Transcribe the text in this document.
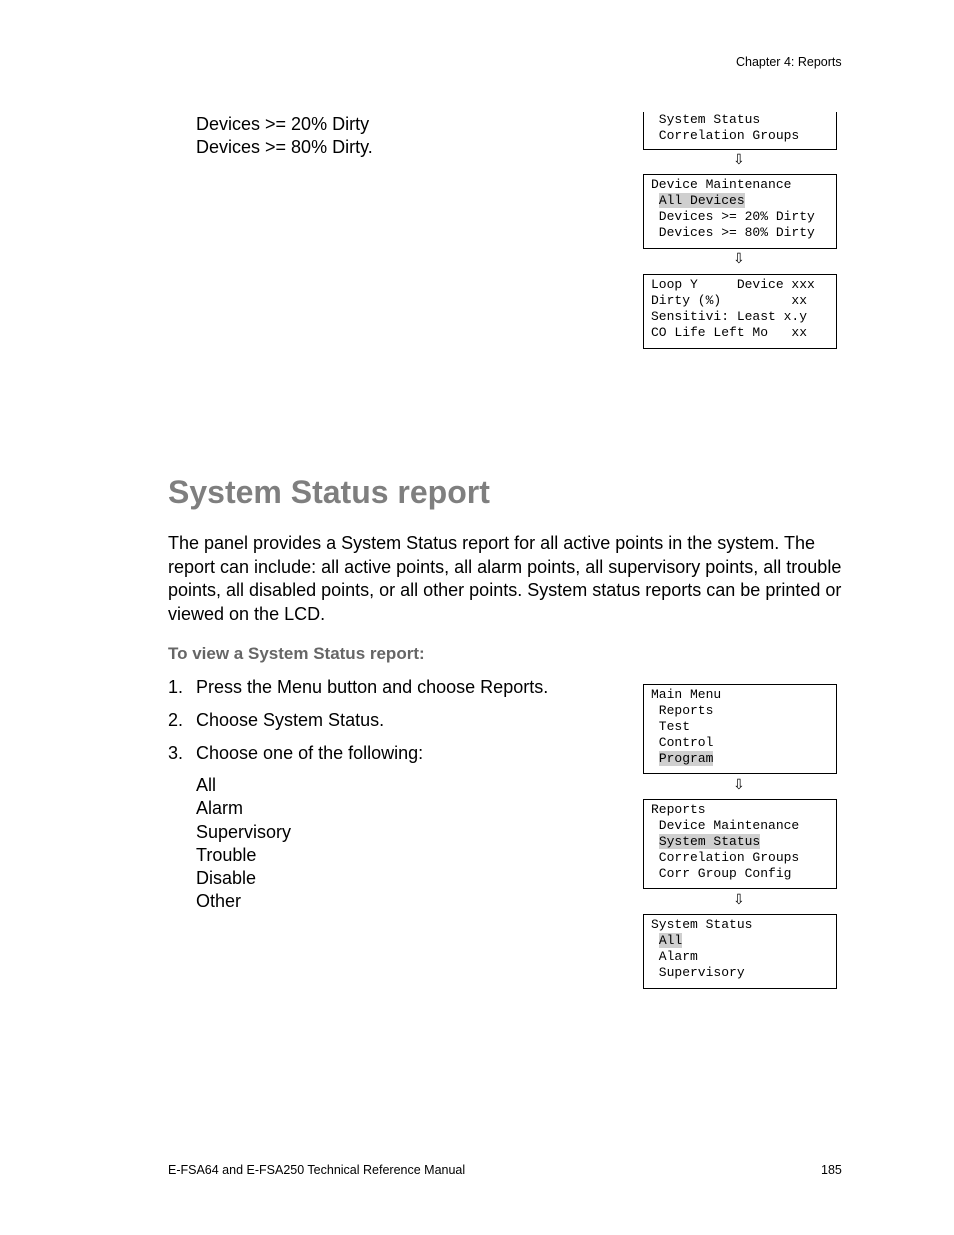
Chapter 4: Reports
Devices >= 20% Dirty
Devices >= 80% Dirty.
System Status
Correlation Groups
⇩
Device Maintenance
All Devices
Devices >= 20% Dirty
Devices >= 80% Dirty
⇩
Loop Y     Device xxx
Dirty (%)         xx
Sensitivi: Least x.y
CO Life Left Mo   xx
System Status report
The panel provides a System Status report for all active points in the system. The report can include: all active points, all alarm points, all supervisory points, all trouble points, all disabled points, or all other points. System status reports can be printed or viewed on the LCD.
To view a System Status report:
1. Press the Menu button and choose Reports.
2. Choose System Status.
3. Choose one of the following:
All
Alarm
Supervisory
Trouble
Disable
Other
Main Menu
Reports
Test
Control
Program
⇩
Reports
Device Maintenance
System Status
Correlation Groups
Corr Group Config
⇩
System Status
All
Alarm
Supervisory
E-FSA64 and E-FSA250 Technical Reference Manual	185
